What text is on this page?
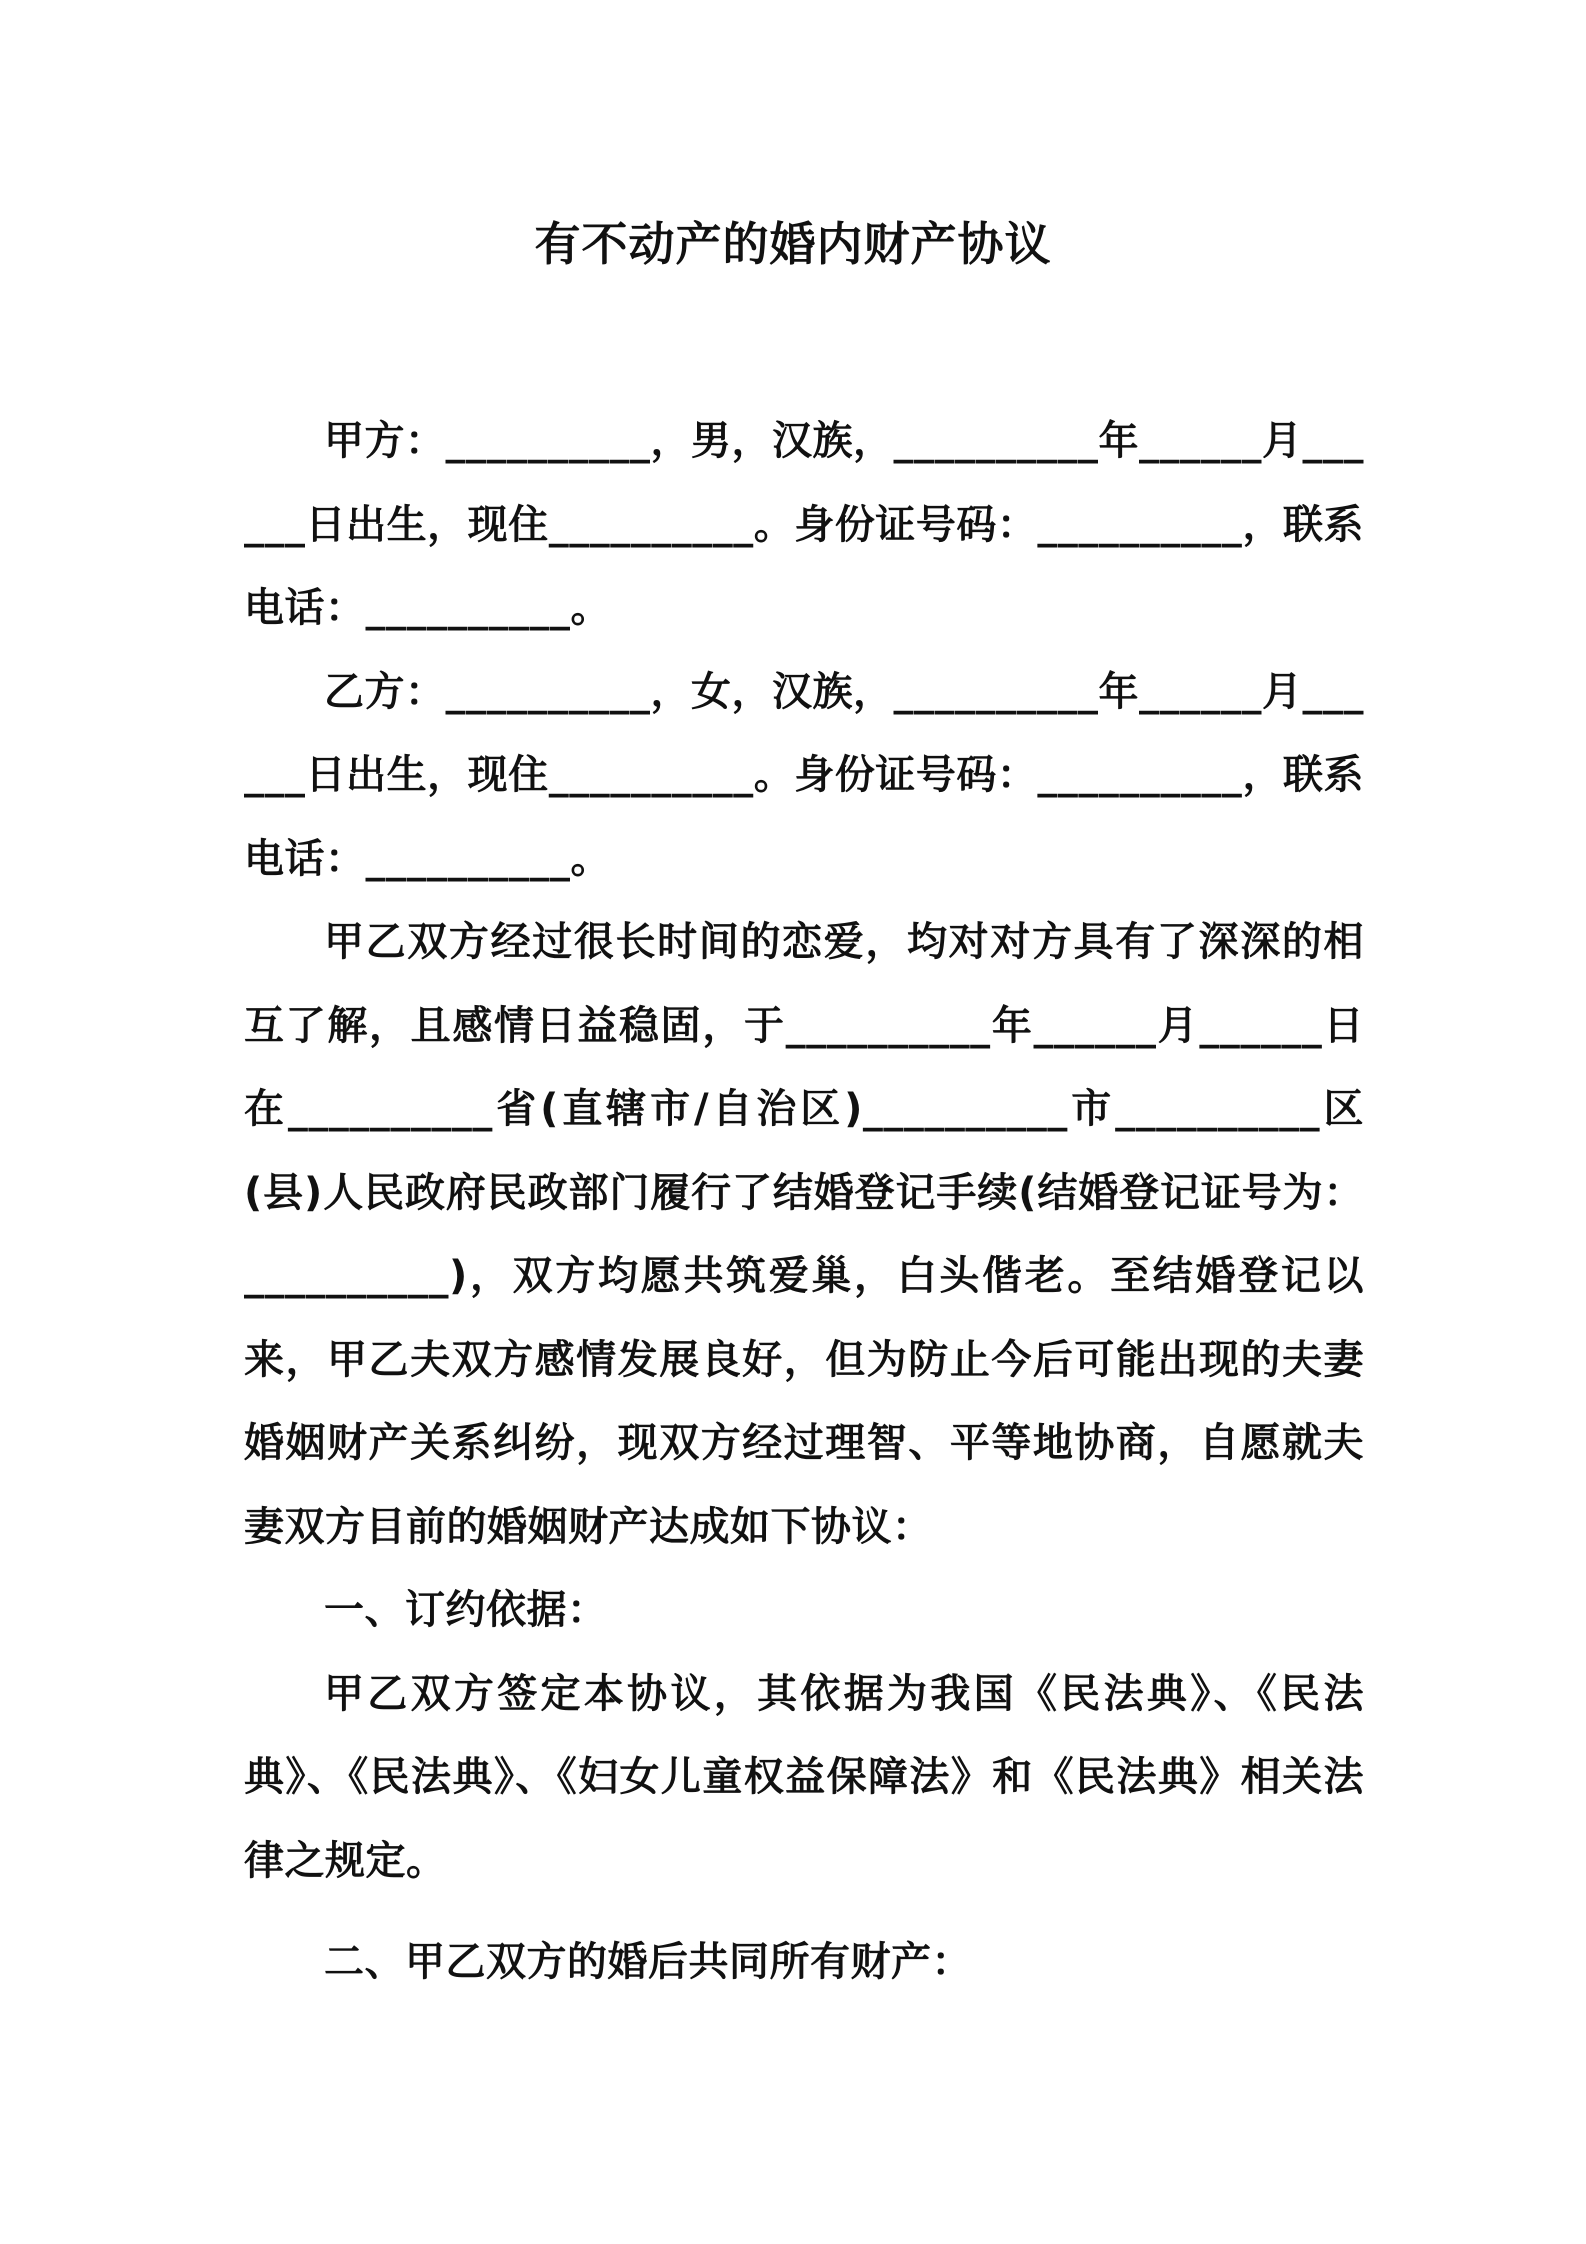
有不动产的婚内财产协议

甲方：__________，男，汉族，__________年______月______日出生，现住__________。身份证号码：__________，联系电话：__________。

乙方：__________，女，汉族，__________年______月______日出生，现住__________。身份证号码：__________，联系电话：__________。

甲乙双方经过很长时间的恋爱，均对对方具有了深深的相互了解，且感情日益稳固，于__________年______月______日在__________省(直辖市/自治区)__________市__________区(县)人民政府民政部门履行了结婚登记手续(结婚登记证号为：__________)，双方均愿共筑爱巢，白头偕老。至结婚登记以来，甲乙夫双方感情发展良好，但为防止今后可能出现的夫妻婚姻财产关系纠纷，现双方经过理智、平等地协商，自愿就夫妻双方目前的婚姻财产达成如下协议：

一、订约依据：

甲乙双方签定本协议，其依据为我国《民法典》、《民法典》、《民法典》、《妇女儿童权益保障法》和《民法典》相关法律之规定。

二、甲乙双方的婚后共同所有财产：
